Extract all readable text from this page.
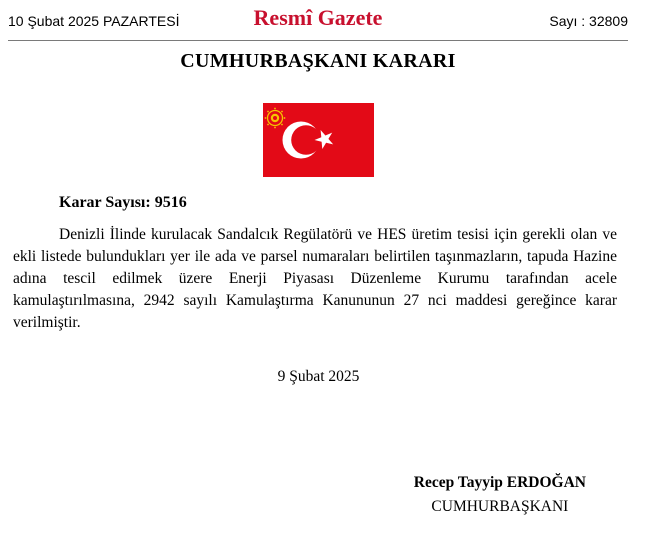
10 Şubat 2025 PAZARTESİ	Resmî Gazete	Sayı : 32809
CUMHURBAŞKANI KARARI
Karar Sayısı: 9516

Denizli İlinde kurulacak Sandalcık Regülatörü ve HES üretim tesisi için gerekli olan ve ekli listede bulundukları yer ile ada ve parsel numaraları belirtilen taşınmazların, tapuda Hazine adına tescil edilmek üzere Enerji Piyasası Düzenleme Kurumu tarafından acele kamulaştırılmasına, 2942 sayılı Kamulaştırma Kanununun 27 nci maddesi gereğince karar verilmiştir.

9 Şubat 2025
Recep Tayyip ERDOĞAN
CUMHURBAŞKANI
